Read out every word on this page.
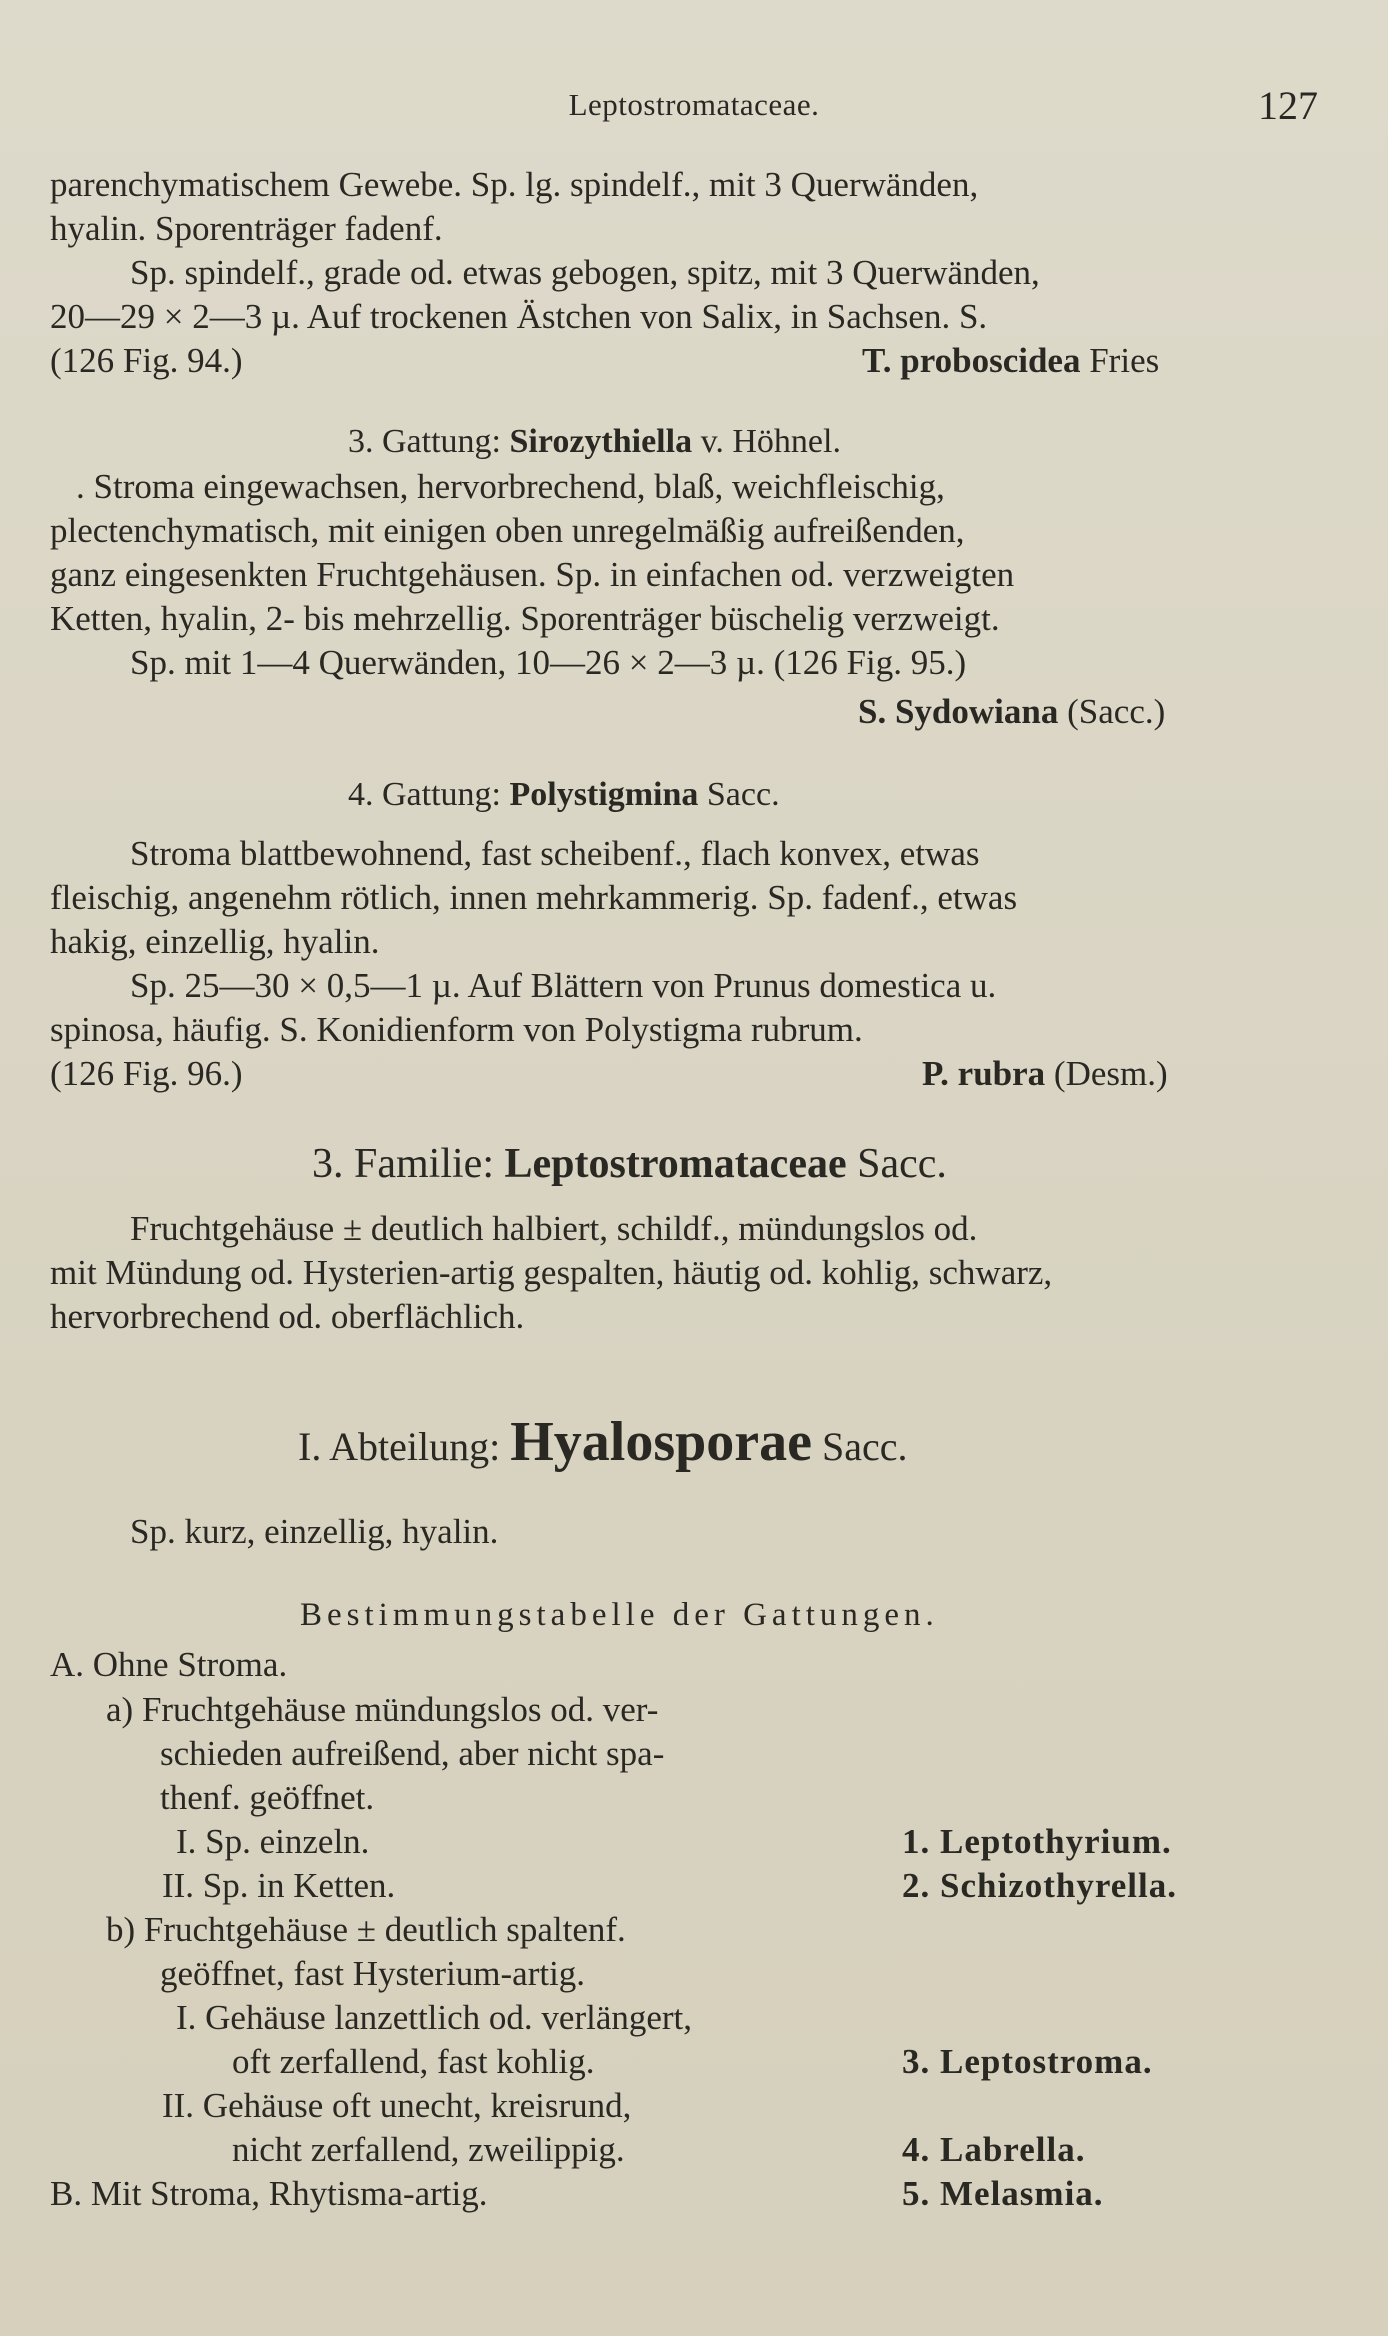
Leptostromataceae.	127
parenchymatischem Gewebe. Sp. lg. spindelf., mit 3 Querwänden,
hyalin. Sporenträger fadenf.
Sp. spindelf., grade od. etwas gebogen, spitz, mit 3 Querwänden,
20—29 × 2—3 µ. Auf trockenen Ästchen von Salix, in Sachsen. S.
(126 Fig. 94.)	T. proboscidea Fries
3. Gattung: Sirozythiella v. Höhnel.
. Stroma eingewachsen, hervorbrechend, blaß, weichfleischig,
plectenchymatisch, mit einigen oben unregelmäßig aufreißenden,
ganz eingesenkten Fruchtgehäusen. Sp. in einfachen od. verzweigten
Ketten, hyalin, 2- bis mehrzellig. Sporenträger büschelig verzweigt.
Sp. mit 1—4 Querwänden, 10—26 × 2—3 µ. (126 Fig. 95.)
S. Sydowiana (Sacc.)
4. Gattung: Polystigmina Sacc.
Stroma blattbewohnend, fast scheibenf., flach konvex, etwas
fleischig, angenehm rötlich, innen mehrkammerig. Sp. fadenf., etwas
hakig, einzellig, hyalin.
Sp. 25—30 × 0,5—1 µ. Auf Blättern von Prunus domestica u.
spinosa, häufig. S. Konidienform von Polystigma rubrum.
(126 Fig. 96.)	P. rubra (Desm.)
3. Familie: Leptostromataceae Sacc.
Fruchtgehäuse ± deutlich halbiert, schildf., mündungslos od.
mit Mündung od. Hysterien-artig gespalten, häutig od. kohlig, schwarz,
hervorbrechend od. oberflächlich.
I. Abteilung: Hyalosporae Sacc.
Sp. kurz, einzellig, hyalin.
Bestimmungstabelle der Gattungen.
A. Ohne Stroma.
a) Fruchtgehäuse mündungslos od. ver-
schieden aufreißend, aber nicht spa-
thenf. geöffnet.
I. Sp. einzeln.	1. Leptothyrium.
II. Sp. in Ketten.	2. Schizothyrella.
b) Fruchtgehäuse ± deutlich spaltenf.
geöffnet, fast Hysterium-artig.
I. Gehäuse lanzettlich od. verlängert,
oft zerfallend, fast kohlig.	3. Leptostroma.
II. Gehäuse oft unecht, kreisrund,
nicht zerfallend, zweilippig.	4. Labrella.
B. Mit Stroma, Rhytisma-artig.	5. Melasmia.
